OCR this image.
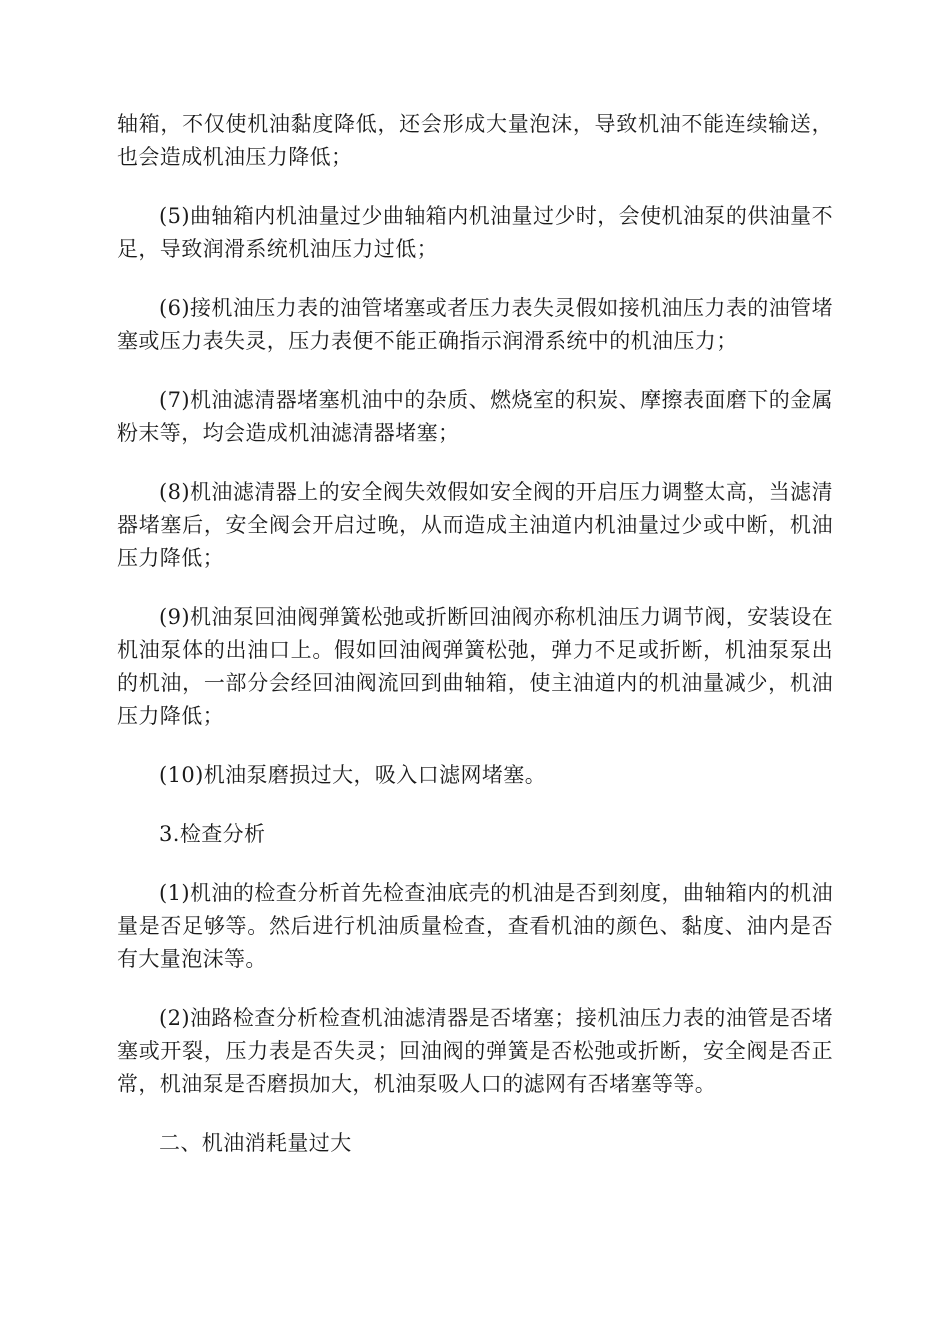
轴箱，不仅使机油黏度降低，还会形成大量泡沫，导致机油不能连续输送，也会造成机油压力降低；

(5)曲轴箱内机油量过少曲轴箱内机油量过少时，会使机油泵的供油量不足，导致润滑系统机油压力过低；

(6)接机油压力表的油管堵塞或者压力表失灵假如接机油压力表的油管堵塞或压力表失灵，压力表便不能正确指示润滑系统中的机油压力；

(7)机油滤清器堵塞机油中的杂质、燃烧室的积炭、摩擦表面磨下的金属粉末等，均会造成机油滤清器堵塞；

(8)机油滤清器上的安全阀失效假如安全阀的开启压力调整太高，当滤清器堵塞后，安全阀会开启过晚，从而造成主油道内机油量过少或中断，机油压力降低；

(9)机油泵回油阀弹簧松弛或折断回油阀亦称机油压力调节阀，安装设在机油泵体的出油口上。假如回油阀弹簧松弛，弹力不足或折断，机油泵泵出的机油，一部分会经回油阀流回到曲轴箱，使主油道内的机油量减少，机油压力降低；

(10)机油泵磨损过大，吸入口滤网堵塞。

3.检查分析

(1)机油的检查分析首先检查油底壳的机油是否到刻度，曲轴箱内的机油量是否足够等。然后进行机油质量检查，查看机油的颜色、黏度、油内是否有大量泡沫等。

(2)油路检查分析检查机油滤清器是否堵塞；接机油压力表的油管是否堵塞或开裂，压力表是否失灵；回油阀的弹簧是否松弛或折断，安全阀是否正常，机油泵是否磨损加大，机油泵吸人口的滤网有否堵塞等等。

二、机油消耗量过大
